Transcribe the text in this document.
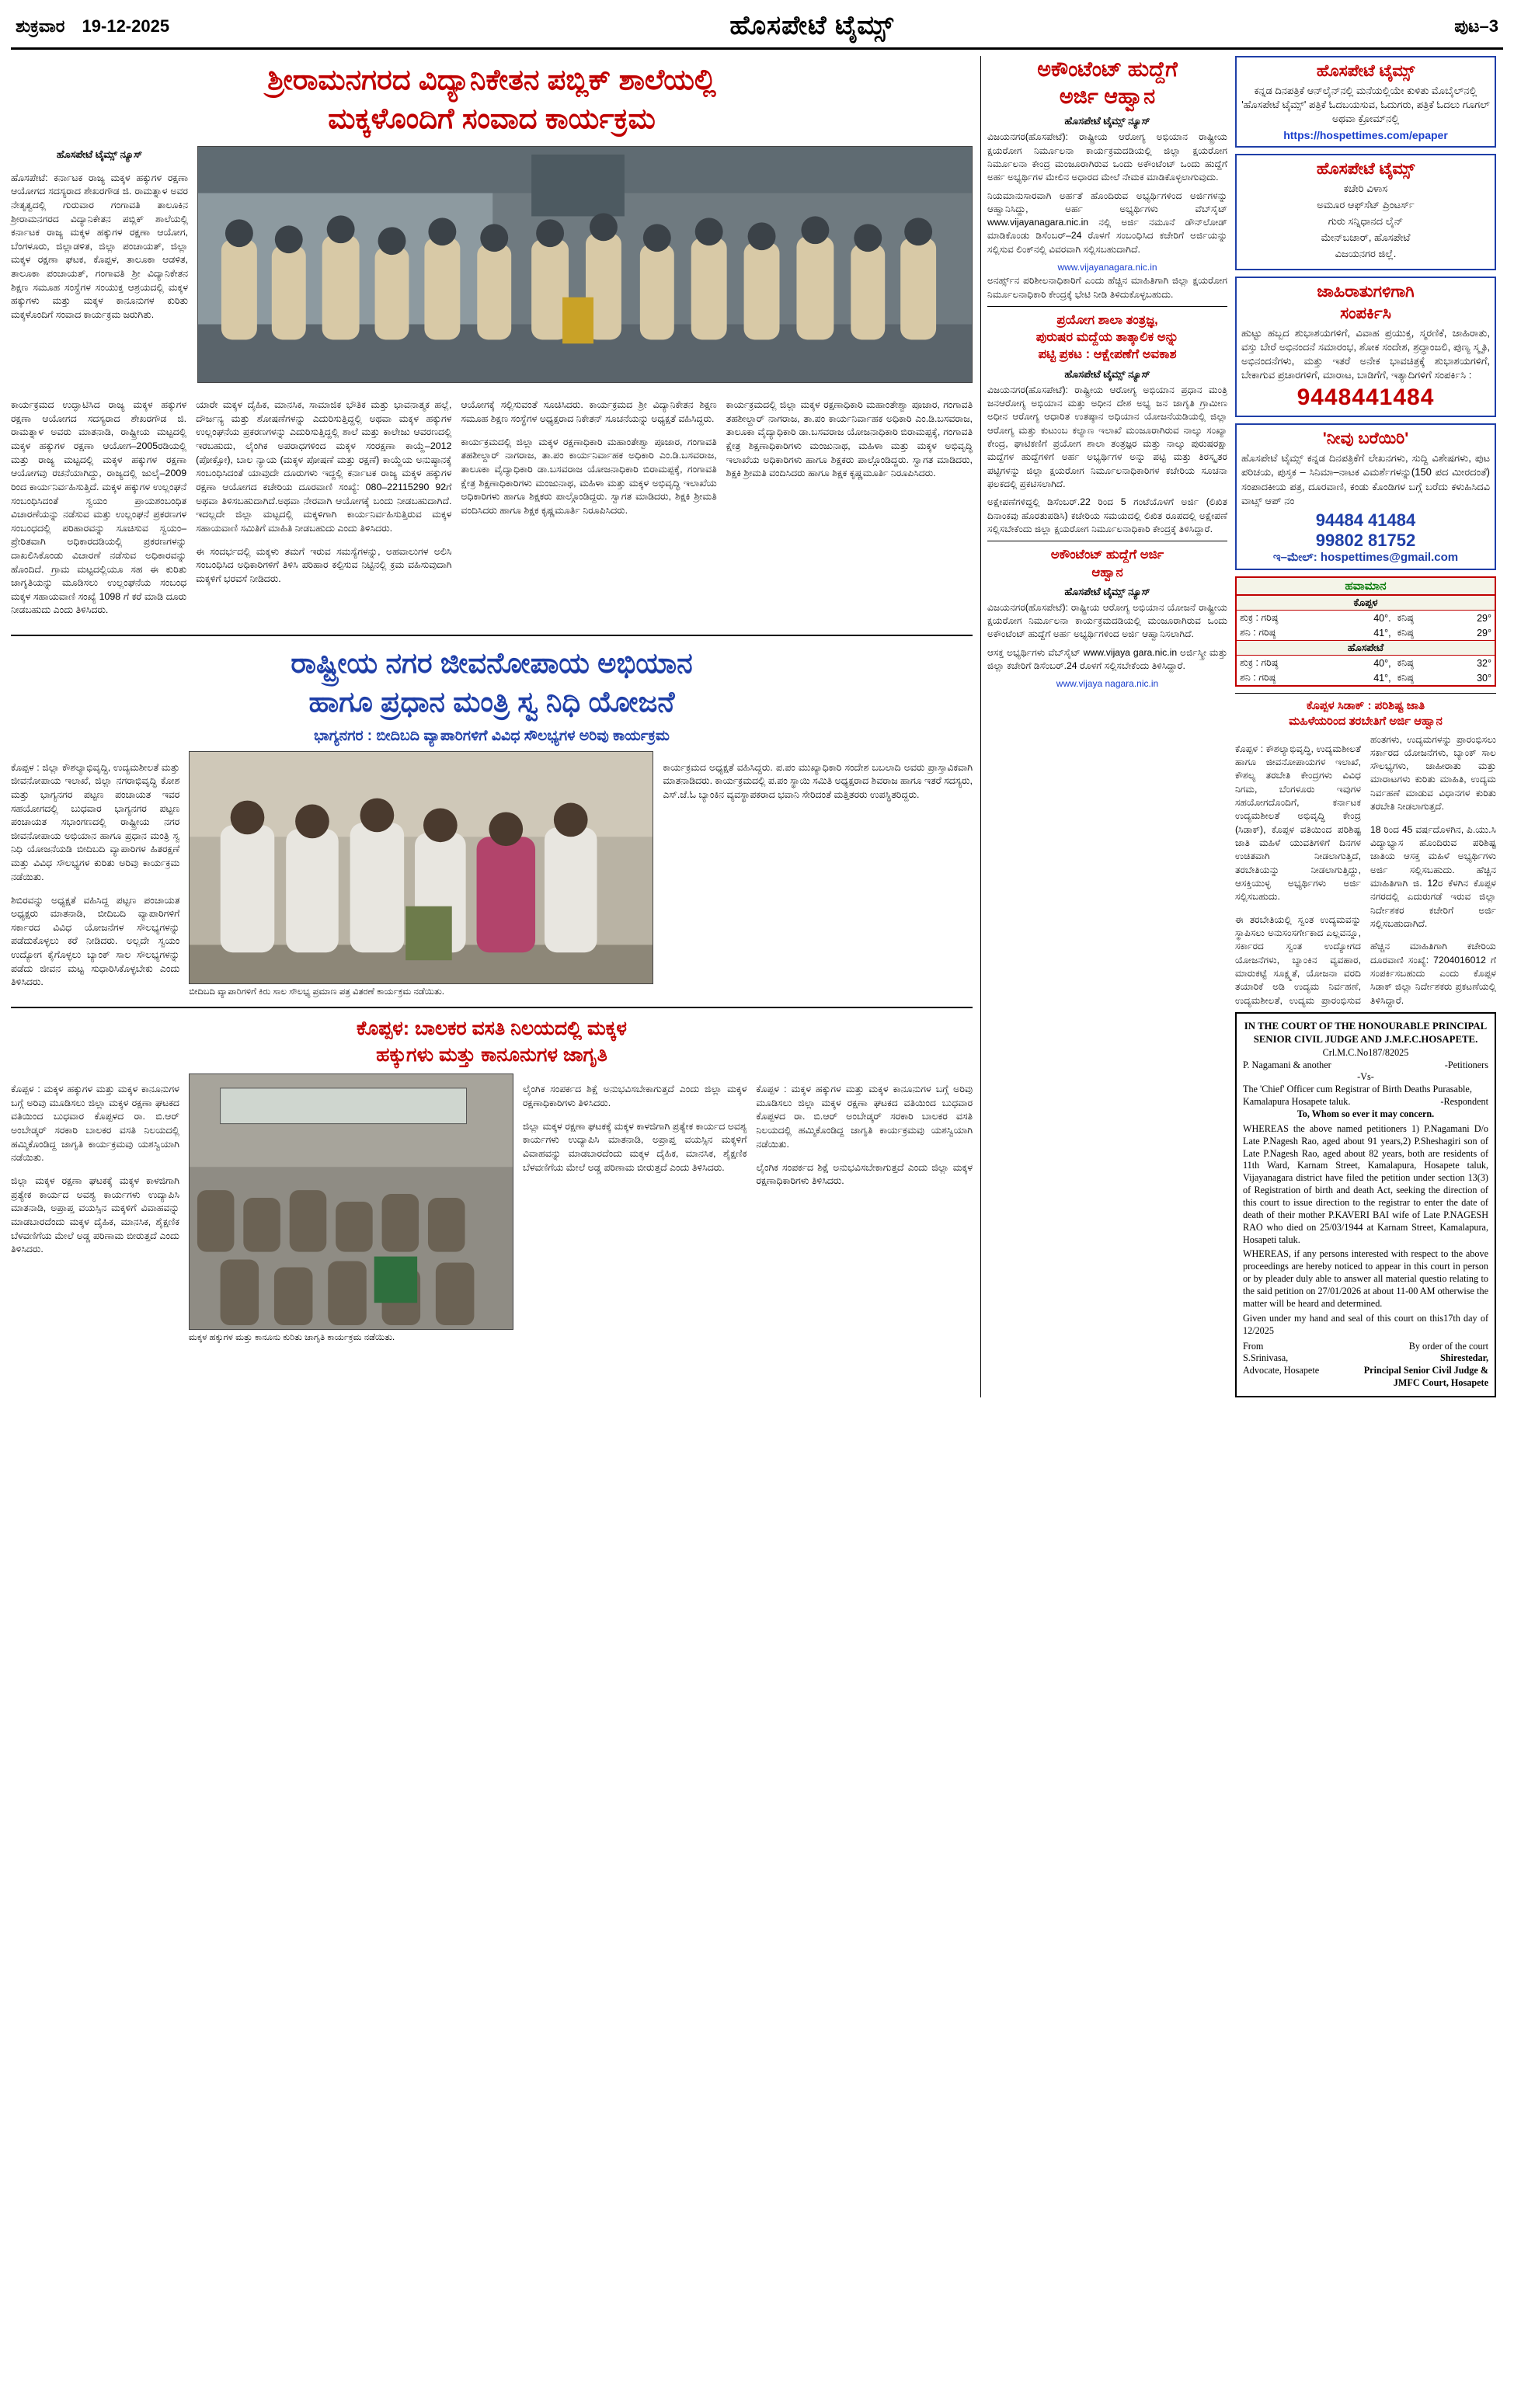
ಶುಕ್ರವಾರ 19-12-2025	ಹೊಸಪೇಟೆ ಟೈಮ್ಸ್	ಪುಟ–3
ಶ್ರೀರಾಮನಗರದ ವಿದ್ಯಾನಿಕೇತನ ಪಬ್ಲಿಕ್ ಶಾಲೆಯಲ್ಲಿ
ಮಕ್ಕಳೊಂದಿಗೆ ಸಂವಾದ ಕಾರ್ಯಕ್ರಮ
ಹೊಸಪೇಟೆ ಟೈಮ್ಸ್ ನ್ಯೂಸ್

ಹೊಸಪೇಟೆ: ಕರ್ನಾಟಕ ರಾಜ್ಯ ಮಕ್ಕಳ ಹಕ್ಕುಗಳ ರಕ್ಷಣಾ ಆಯೋಗದ ಸದಸ್ಯರಾದ ಶೇಖರಗೌಡ ಜಿ. ರಾಮತ್ನಾಳ ಅವರ ನೇತೃತ್ವದಲ್ಲಿ ಗುರುವಾರ ಗಂಗಾವತಿ ತಾಲೂಕಿನ ಶ್ರೀರಾಮನಗರದ ವಿದ್ಯಾನಿಕೇತನ ಪಬ್ಲಿಕ್ ಶಾಲೆಯಲ್ಲಿ ಕರ್ನಾಟಕ ರಾಜ್ಯ ಮಕ್ಕಳ ಹಕ್ಕುಗಳ ರಕ್ಷಣಾ ಆಯೋಗ, ಬೆಂಗಳೂರು, ಜಿಲ್ಲಾಡಳಿತ, ಜಿಲ್ಲಾ ಪಂಚಾಯತ್, ಜಿಲ್ಲಾ ಮಕ್ಕಳ ರಕ್ಷಣಾ ಘಟಕ, ಕೊಪ್ಪಳ, ತಾಲೂಕಾ ಆಡಳಿತ, ತಾಲೂಕಾ ಪಂಚಾಯತ್, ಗಂಗಾವತಿ ಶ್ರೀ ವಿದ್ಯಾನಿಕೇತನ ಶಿಕ್ಷಣ ಸಮೂಹ ಸಂಸ್ಥೆಗಳ ಸಂಯುಕ್ತ ಆಶ್ರಯದಲ್ಲಿ ಮಕ್ಕಳ ಹಕ್ಕುಗಳು ಮತ್ತು ಮಕ್ಕಳ ಕಾನೂನುಗಳ ಕುರಿತು ಮಕ್ಕಳೊಂದಿಗೆ ಸಂವಾದ ಕಾರ್ಯಕ್ರಮ ಜರುಗಿತು.

ಕಾರ್ಯಕ್ರಮದ ಉದ್ಘಾಟಿಸಿದ ರಾಜ್ಯ ಮಕ್ಕಳ ಹಕ್ಕುಗಳ ರಕ್ಷಣಾ ಆಯೋಗದ ಸದಸ್ಯರಾದ ಶೇಖರಗೌಡ ಜಿ. ರಾಮತ್ನಾಳ ಅವರು ಮಾತನಾಡಿ, ರಾಷ್ಟ್ರೀಯ ಮಟ್ಟದಲ್ಲಿ ಮಕ್ಕಳ ಹಕ್ಕುಗಳ ರಕ್ಷಣಾ ಆಯೋಗ–2005ರಡಿಯಲ್ಲಿ ಮತ್ತು ರಾಜ್ಯ ಮಟ್ಟದಲ್ಲಿ ಮಕ್ಕಳ ಹಕ್ಕುಗಳ ರಕ್ಷಣಾ ಆಯೋಗವು ರಚನೆಯಾಗಿದ್ದು, ರಾಜ್ಯದಲ್ಲಿ ಜುಲೈ–2009 ರಿಂದ ಕಾರ್ಯನಿರ್ವಹಿಸುತ್ತಿದೆ. ಮಕ್ಕಳ ಹಕ್ಕುಗಳ ಉಲ್ಲಂಘನೆ ಸಂಬಂಧಿಸಿದಂತೆ ಸ್ವಯಂ ಪ್ರಾಯಶಂಬಂಧಿತ ವಿಚಾರಣೆಯನ್ನು ನಡೆಸುವ ಮತ್ತು ಉಲ್ಲಂಘನೆ ಪ್ರಕರಣಗಳ ಸಂಬಂಧದಲ್ಲಿ ಪರಿಹಾರವನ್ನು ಸೂಚಿಸುವ ಸ್ವಯಂ–ಪ್ರೇರಿತವಾಗಿ ಅಧಿಕಾರದಡಿಯಲ್ಲಿ ಪ್ರಕರಣಗಳನ್ನು ದಾಖಲಿಸಿಕೊಂಡು ವಿಚಾರಣೆ ನಡೆಸುವ ಅಧಿಕಾರವನ್ನು ಹೊಂದಿದೆ. ಗ್ರಾಮ ಮಟ್ಟದಲ್ಲಿಯೂ ಸಹ ಈ ಕುರಿತು ಜಾಗೃತಿಯನ್ನು ಮೂಡಿಸಲು ಉಲ್ಲಂಘನೆಯ ಸಂಬಂಧ ಮಕ್ಕಳ ಸಹಾಯವಾಣಿ ಸಂಖ್ಯೆ 1098 ಗೆ ಕರೆ ಮಾಡಿ ದೂರು ನೀಡಬಹುದು ಎಂದು ತಿಳಿಸಿದರು.

ಯಾರೇ ಮಕ್ಕಳ ದೈಹಿಕ, ಮಾನಸಿಕ, ಸಾಮಾಜಿಕ ಭೌತಿಕ ಮತ್ತು ಭಾವನಾತ್ಮಕ ಹಲ್ಲೆ, ದೌರ್ಜನ್ಯ ಮತ್ತು ಶೋಷಣೆಗಳನ್ನು ಎದುರಿಸುತ್ತಿದ್ದಲ್ಲಿ ಅಥವಾ ಮಕ್ಕಳ ಹಕ್ಕುಗಳ ಉಲ್ಲಂಘನೆಯ ಪ್ರಕರಣಗಳನ್ನು ಎದುರಿಸುತ್ತಿದ್ದಲ್ಲಿ ಶಾಲೆ ಮತ್ತು ಕಾಲೇಜು ಆವರಣದಲ್ಲಿ ಇರಬಹುದು, ಲೈಂಗಿಕ ಅಪರಾಧಗಳಿಂದ ಮಕ್ಕಳ ಸಂರಕ್ಷಣಾ ಕಾಯ್ದೆ–2012 (ಪೋಕ್ಸೋ), ಬಾಲ ನ್ಯಾಯ (ಮಕ್ಕಳ ಪೋಷಣೆ ಮತ್ತು ರಕ್ಷಣೆ) ಕಾಯ್ದೆಯ ಅನುಷ್ಠಾನಕ್ಕೆ ಸಂಬಂಧಿಸಿದಂತೆ ಯಾವುದೇ ದೂರುಗಳು ಇದ್ದಲ್ಲಿ ಕರ್ನಾಟಕ ರಾಜ್ಯ ಮಕ್ಕಳ ಹಕ್ಕುಗಳ ರಕ್ಷಣಾ ಆಯೋಗದ ಕಚೇರಿಯ ದೂರವಾಣಿ ಸಂಖ್ಯೆ: 080–22115290 92ಗೆ ಅಥವಾ ತಿಳಿಸಬಹುದಾಗಿದೆ.ಅಥವಾ ನೇರವಾಗಿ ಆಯೋಗಕ್ಕೆ ಬಂದು ನೀಡಬಹುದಾಗಿದೆ. ಇದಲ್ಲದೇ ಜಿಲ್ಲಾ ಮಟ್ಟದಲ್ಲಿ ಮಕ್ಕಳಿಗಾಗಿ ಕಾರ್ಯನಿರ್ವಹಿಸುತ್ತಿರುವ ಮಕ್ಕಳ ಸಹಾಯವಾಣಿ ಸಮಿತಿಗೆ ಮಾಹಿತಿ ನೀಡಬಹುದು ಎಂದು ತಿಳಿಸಿದರು.

ಈ ಸಂದರ್ಭದಲ್ಲಿ ಮಕ್ಕಳು ತಮಗೆ ಇರುವ ಸಮಸ್ಯೆಗಳನ್ನು, ಅಹವಾಲುಗಳ ಅಲಿಸಿ ಸಂಬಂಧಿಸಿದ ಅಧಿಕಾರಿಗಳಿಗೆ ತಿಳಿಸಿ ಪರಿಹಾರ ಕಲ್ಪಿಸುವ ನಿಟ್ಟಿನಲ್ಲಿ ಕ್ರಮ ವಹಿಸುವುದಾಗಿ ಮಕ್ಕಳಿಗೆ ಭರವಸೆ ನೀಡಿದರು.

ಆಯೋಗಕ್ಕೆ ಸಲ್ಲಿಸುವಂತೆ ಸೂಚಿಸಿದರು. ಕಾರ್ಯಕ್ರಮದ ಶ್ರೀ ವಿದ್ಯಾನಿಕೇತನ ಶಿಕ್ಷಣ ಸಮೂಹ ಶಿಕ್ಷಣ ಸಂಸ್ಥೆಗಳ ಅಧ್ಯಕ್ಷರಾದ ನಿಕೇತನ್ ಸೂಚನೆಯನ್ನು ಅಧ್ಯಕ್ಷತೆ ವಹಿಸಿದ್ದರು.

ಕಾರ್ಯಕ್ರಮದಲ್ಲಿ ಜಿಲ್ಲಾ ಮಕ್ಕಳ ರಕ್ಷಣಾಧಿಕಾರಿ ಮಹಾಂತೇಶ್ವಾ ಪೂಜಾರ, ಗಂಗಾವತಿ ತಹಶೀಲ್ದಾರ್ ನಾಗರಾಜ, ತಾ.ಪಂ ಕಾರ್ಯನಿರ್ವಾಹಕ ಅಧಿಕಾರಿ ಎಂ.ಡಿ.ಬಸವರಾಜ, ತಾಲೂಕಾ ವೈದ್ಯಾಧಿಕಾರಿ ಡಾ.ಬಸವರಾಜ ಯೋಜನಾಧಿಕಾರಿ ಬಿರಾಮಪ್ಪಕ್ಕೆ, ಗಂಗಾವತಿ ಕ್ಷೇತ್ರ ಶಿಕ್ಷಣಾಧಿಕಾರಿಗಳು ಮಂಜುನಾಥ, ಮಹಿಳಾ ಮತ್ತು ಮಕ್ಕಳ ಅಭಿವೃದ್ಧಿ ಇಲಾಖೆಯ ಅಧಿಕಾರಿಗಳು ಹಾಗೂ ಶಿಕ್ಷಕರು ಪಾಲ್ಗೊಂಡಿದ್ದರು. ಸ್ವಾಗತ ಮಾಡಿದರು, ಶಿಕ್ಷಕಿ ಶ್ರೀಮತಿ ವಂದಿಸಿದರು ಹಾಗೂ ಶಿಕ್ಷಕ ಕೃಷ್ಣಮೂರ್ತಿ ನಿರೂಪಿಸಿದರು.

ಕಾರ್ಯಕ್ರಮದಲ್ಲಿ ಜಿಲ್ಲಾ ಮಕ್ಕಳ ರಕ್ಷಣಾಧಿಕಾರಿ ಮಹಾಂತೇಶ್ವಾ ಪೂಜಾರ, ಗಂಗಾವತಿ ತಹಶೀಲ್ದಾರ್ ನಾಗರಾಜ, ತಾ.ಪಂ ಕಾರ್ಯನಿರ್ವಾಹಕ ಅಧಿಕಾರಿ ಎಂ.ಡಿ.ಬಸವರಾಜ, ತಾಲೂಕಾ ವೈದ್ಯಾಧಿಕಾರಿ ಡಾ.ಬಸವರಾಜ ಯೋಜನಾಧಿಕಾರಿ ಬಿರಾಮಪ್ಪಕ್ಕೆ, ಗಂಗಾವತಿ ಕ್ಷೇತ್ರ ಶಿಕ್ಷಣಾಧಿಕಾರಿಗಳು ಮಂಜುನಾಥ, ಮಹಿಳಾ ಮತ್ತು ಮಕ್ಕಳ ಅಭಿವೃದ್ಧಿ ಇಲಾಖೆಯ ಅಧಿಕಾರಿಗಳು ಹಾಗೂ ಶಿಕ್ಷಕರು ಪಾಲ್ಗೊಂಡಿದ್ದರು. ಸ್ವಾಗತ ಮಾಡಿದರು, ಶಿಕ್ಷಕಿ ಶ್ರೀಮತಿ ವಂದಿಸಿದರು ಹಾಗೂ ಶಿಕ್ಷಕ ಕೃಷ್ಣಮೂರ್ತಿ ನಿರೂಪಿಸಿದರು.

ರಾಷ್ಟ್ರೀಯ ನಗರ ಜೀವನೋಪಾಯ ಅಭಿಯಾನ
ಹಾಗೂ ಪ್ರಧಾನ ಮಂತ್ರಿ ಸ್ವ ನಿಧಿ ಯೋಜನೆ
ಭಾಗ್ಯನಗರ : ಬೀದಿಬದಿ ವ್ಯಾಪಾರಿಗಳಿಗೆ ವಿವಿಧ ಸೌಲಭ್ಯಗಳ ಅರಿವು ಕಾರ್ಯಕ್ರಮ

ಕೊಪ್ಪಳ : ಜಿಲ್ಲಾ ಕೌಶಲ್ಯಾಭಿವೃದ್ಧಿ, ಉದ್ಯಮಶೀಲತೆ ಮತ್ತು ಜೀವನೋಪಾಯ ಇಲಾಖೆ, ಜಿಲ್ಲಾ ನಗರಾಭಿವೃದ್ಧಿ ಕೋಶ ಮತ್ತು ಭಾಗ್ಯನಗರ ಪಟ್ಟಣ ಪಂಚಾಯತ ಇವರ ಸಹಯೋಗದಲ್ಲಿ ಬುಧವಾರ ಭಾಗ್ಯನಗರ ಪಟ್ಟಣ ಪಂಚಾಯತ ಸಭಾಂಗಣದಲ್ಲಿ ರಾಷ್ಟ್ರೀಯ ನಗರ ಜೀವನೋಪಾಯ ಅಭಿಯಾನ ಹಾಗೂ ಪ್ರಧಾನ ಮಂತ್ರಿ ಸ್ವ ನಿಧಿ ಯೋಜನೆಯಡಿ ಬೀದಿಬದಿ ವ್ಯಾಪಾರಿಗಳ ಹಿತರಕ್ಷಣೆ ಮತ್ತು ವಿವಿಧ ಸೌಲಭ್ಯಗಳ ಕುರಿತು ಅರಿವು ಕಾರ್ಯಕ್ರಮ ನಡೆಯಿತು.

ಶಿಬಿರವನ್ನು ಅಧ್ಯಕ್ಷತೆ ವಹಿಸಿದ್ದ ಪಟ್ಟಣ ಪಂಚಾಯತ ಅಧ್ಯಕ್ಷರು ಮಾತನಾಡಿ, ಬೀದಿಬದಿ ವ್ಯಾಪಾರಿಗಳಿಗೆ ಸರ್ಕಾರದ ವಿವಿಧ ಯೋಜನೆಗಳ ಸೌಲಭ್ಯಗಳನ್ನು ಪಡೆದುಕೊಳ್ಳಲು ಕರೆ ನೀಡಿದರು. ಅಲ್ಲದೇ ಸ್ವಯಂ ಉದ್ಯೋಗ ಕೈಗೊಳ್ಳಲು ಬ್ಯಾಂಕ್ ಸಾಲ ಸೌಲಭ್ಯಗಳನ್ನು ಪಡೆದು ಜೀವನ ಮಟ್ಟ ಸುಧಾರಿಸಿಕೊಳ್ಳಬೇಕು ಎಂದು ತಿಳಿಸಿದರು.

ಬೀದಿಬದಿ ವ್ಯಾಪಾರಿಗಳಿಗೆ ಕಿರು ಸಾಲ ಸೌಲಭ್ಯ ಪ್ರಮಾಣ ಪತ್ರ ವಿತರಣೆ ಕಾರ್ಯಕ್ರಮ ನಡೆಯಿತು.

ಕಾರ್ಯಕ್ರಮದ ಅಧ್ಯಕ್ಷತೆ ವಹಿಸಿದ್ದರು. ಪ.ಪಂ ಮುಖ್ಯಾಧಿಕಾರಿ ಸಂದೇಶ ಬಬಲಾದಿ ಅವರು ಪ್ರಾಸ್ತಾವಿಕವಾಗಿ ಮಾತನಾಡಿದರು. ಕಾರ್ಯಕ್ರಮದಲ್ಲಿ ಪ.ಪಂ ಸ್ಥಾಯಿ ಸಮಿತಿ ಅಧ್ಯಕ್ಷರಾದ ಶಿವರಾಜ ಹಾಗೂ ಇತರೆ ಸದಸ್ಯರು, ಎಸ್.ಜೆ.ಓ ಬ್ಯಾಂಕಿನ ವ್ಯವಸ್ಥಾಪಕರಾದ ಭವಾನಿ ಸೇರಿದಂತೆ ಮತ್ತಿತರರು ಉಪಸ್ಥಿತರಿದ್ದರು.

ಕೊಪ್ಪಳ: ಬಾಲಕರ ವಸತಿ ನಿಲಯದಲ್ಲಿ ಮಕ್ಕಳ
ಹಕ್ಕುಗಳು ಮತ್ತು ಕಾನೂನುಗಳ ಜಾಗೃತಿ

ಕೊಪ್ಪಳ : ಮಕ್ಕಳ ಹಕ್ಕುಗಳ ಮತ್ತು ಮಕ್ಕಳ ಕಾನೂನುಗಳ ಬಗ್ಗೆ ಅರಿವು ಮೂಡಿಸಲು ಜಿಲ್ಲಾ ಮಕ್ಕಳ ರಕ್ಷಣಾ ಘಟಕದ ವತಿಯಿಂದ ಬುಧವಾರ ಕೊಪ್ಪಳದ ರಾ. ಬಿ.ಆರ್ ಅಂಬೇಡ್ಕರ್ ಸರಕಾರಿ ಬಾಲಕರ ವಸತಿ ನಿಲಯದಲ್ಲಿ ಹಮ್ಮಿಕೊಂಡಿದ್ದ ಜಾಗೃತಿ ಕಾರ್ಯಕ್ರಮವು ಯಶಸ್ವಿಯಾಗಿ ನಡೆಯಿತು.

ಜಿಲ್ಲಾ ಮಕ್ಕಳ ರಕ್ಷಣಾ ಘಟಕಕ್ಕೆ ಮಕ್ಕಳ ಕಾಳಜಿಗಾಗಿ ಪ್ರತ್ಯೇಕ ಕಾರ್ಯದ ಅವಶ್ಯ ಕಾರ್ಯಗಳು ಉದ್ಯಾಪಿಸಿ ಮಾತನಾಡಿ, ಅಪ್ರಾಪ್ತ ವಯಸ್ಸಿನ ಮಕ್ಕಳಿಗೆ ವಿವಾಹವನ್ನು ಮಾಡಬಾರದೆಂದು ಮಕ್ಕಳ ದೈಹಿಕ, ಮಾನಸಿಕ, ಶೈಕ್ಷಣಿಕ ಬೆಳವಣಿಗೆಯ ಮೇಲೆ ಅಡ್ಡ ಪರಿಣಾಮ ಬೀರುತ್ತದೆ ಎಂದು ತಿಳಿಸಿದರು.

ಮಕ್ಕಳ ಹಕ್ಕುಗಳ ಮತ್ತು ಕಾನೂನು ಕುರಿತು ಜಾಗೃತಿ ಕಾರ್ಯಕ್ರಮ ನಡೆಯಿತು.

ಲೈಂಗಿಕ ಸಂಪರ್ಕದ ಶಿಕ್ಷೆ ಅನುಭವಿಸಬೇಕಾಗುತ್ತದೆ ಎಂದು ಜಿಲ್ಲಾ ಮಕ್ಕಳ ರಕ್ಷಣಾಧಿಕಾರಿಗಳು ತಿಳಿಸಿದರು.

ಜಿಲ್ಲಾ ಮಕ್ಕಳ ರಕ್ಷಣಾ ಘಟಕಕ್ಕೆ ಮಕ್ಕಳ ಕಾಳಜಿಗಾಗಿ ಪ್ರತ್ಯೇಕ ಕಾರ್ಯದ ಅವಶ್ಯ ಕಾರ್ಯಗಳು ಉದ್ಯಾಪಿಸಿ ಮಾತನಾಡಿ, ಅಪ್ರಾಪ್ತ ವಯಸ್ಸಿನ ಮಕ್ಕಳಿಗೆ ವಿವಾಹವನ್ನು ಮಾಡಬಾರದೆಂದು ಮಕ್ಕಳ ದೈಹಿಕ, ಮಾನಸಿಕ, ಶೈಕ್ಷಣಿಕ ಬೆಳವಣಿಗೆಯ ಮೇಲೆ ಅಡ್ಡ ಪರಿಣಾಮ ಬೀರುತ್ತದೆ ಎಂದು ತಿಳಿಸಿದರು.

ಕೊಪ್ಪಳ : ಮಕ್ಕಳ ಹಕ್ಕುಗಳ ಮತ್ತು ಮಕ್ಕಳ ಕಾನೂನುಗಳ ಬಗ್ಗೆ ಅರಿವು ಮೂಡಿಸಲು ಜಿಲ್ಲಾ ಮಕ್ಕಳ ರಕ್ಷಣಾ ಘಟಕದ ವತಿಯಿಂದ ಬುಧವಾರ ಕೊಪ್ಪಳದ ರಾ. ಬಿ.ಆರ್ ಅಂಬೇಡ್ಕರ್ ಸರಕಾರಿ ಬಾಲಕರ ವಸತಿ ನಿಲಯದಲ್ಲಿ ಹಮ್ಮಿಕೊಂಡಿದ್ದ ಜಾಗೃತಿ ಕಾರ್ಯಕ್ರಮವು ಯಶಸ್ವಿಯಾಗಿ ನಡೆಯಿತು.

ಲೈಂಗಿಕ ಸಂಪರ್ಕದ ಶಿಕ್ಷೆ ಅನುಭವಿಸಬೇಕಾಗುತ್ತದೆ ಎಂದು ಜಿಲ್ಲಾ ಮಕ್ಕಳ ರಕ್ಷಣಾಧಿಕಾರಿಗಳು ತಿಳಿಸಿದರು.

ಅಕೌಂಟೆಂಟ್ ಹುದ್ದೆಗೆ
ಅರ್ಜಿ ಆಹ್ವಾನ
ಹೊಸಪೇಟೆ ಟೈಮ್ಸ್ ನ್ಯೂಸ್

ವಿಜಯನಗರ(ಹೊಸಪೇಟೆ): ರಾಷ್ಟ್ರೀಯ ಆರೋಗ್ಯ ಅಭಿಯಾನ ರಾಷ್ಟ್ರೀಯ ಕ್ಷಯರೋಗ ನಿರ್ಮೂಲನಾ ಕಾರ್ಯಕ್ರಮದಡಿಯಲ್ಲಿ ಜಿಲ್ಲಾ ಕ್ಷಯರೋಗ ನಿರ್ಮೂಲನಾ ಕೇಂದ್ರ ಮಂಜೂರಾಗಿರುವ ಒಂದು ಅಕೌಂಟೆಂಟ್ ಒಂದು ಹುದ್ದೆಗೆ ಅರ್ಹ ಅಭ್ಯರ್ಥಿಗಳ ಮೇಲಿನ ಅಧಾರದ ಮೇಲೆ ನೇಮಕ ಮಾಡಿಕೊಳ್ಳಲಾಗುವುದು.

ನಿಯಮಾನುಸಾರವಾಗಿ ಅರ್ಹತೆ ಹೊಂದಿರುವ ಅಭ್ಯರ್ಥಿಗಳಿಂದ ಅರ್ಜಿಗಳನ್ನು ಆಹ್ವಾನಿಸಿದ್ದು, ಅರ್ಹ ಅಭ್ಯರ್ಥಿಗಳು ವೆಬ್‌ಸೈಟ್ www.vijayanagara.nic.in ನಲ್ಲಿ ಅರ್ಜಿ ನಮೂನೆ ಡೌನ್‌ಲೋಡ್ ಮಾಡಿಕೊಂಡು ಡಿಸೆಂಬರ್–24 ರೊಳಗೆ ಸಂಬಂಧಿಸಿದ ಕಚೇರಿಗೆ ಅರ್ಜಿಯನ್ನು ಸಲ್ಲಿಸುವ ಲಿಂಕ್‌ನಲ್ಲಿ ವಿವರವಾಗಿ ಸಲ್ಲಿಸಬಹುದಾಗಿದೆ.

www.vijayanagara.nic.in

ಅನರ್ಹ್ಸ್‌ನ ಪರಿಶೀಲನಾಧಿಕಾರಿಗೆ ಎಂದು ಹೆಚ್ಚಿನ ಮಾಹಿತಿಗಾಗಿ ಜಿಲ್ಲಾ ಕ್ಷಯರೋಗ ನಿರ್ಮೂಲನಾಧಿಕಾರಿ ಕೇಂದ್ರಕ್ಕೆ ಭೇಟಿ ನೀಡಿ ತಿಳಿದುಕೊಳ್ಳಬಹುದು.

ಪ್ರಯೋಗ ಶಾಲಾ ತಂತ್ರಜ್ಞ,
ಪುರುಷರ ಮದ್ದೆಯ ತಾತ್ಕಾಲಿಕ ಅನ್ನು
ಪಟ್ಟಿ ಪ್ರಕಟ : ಆಕ್ಷೇಪಣೆಗೆ ಅವಕಾಶ
ಹೊಸಪೇಟೆ ಟೈಮ್ಸ್ ನ್ಯೂಸ್

ವಿಜಯನಗರ(ಹೊಸಪೇಟೆ): ರಾಷ್ಟ್ರೀಯ ಆರೋಗ್ಯ ಅಭಿಯಾನ ಪ್ರಧಾನ ಮಂತ್ರಿ ಜನಆರೋಗ್ಯ ಅಭಿಯಾನ ಮತ್ತು ಅಧೀನ ದೇಶ ಅಭ್ಯ ಜನ ಜಾಗೃತಿ ಗ್ರಾಮೀಣ ಅಧೀನ ಆರೋಗ್ಯ ಆಧಾರಿತ ಉತಷ್ಠಾನ ಅಧಿಯಾನ ಯೋಜನೆಯಡಿಯಲ್ಲಿ ಜಿಲ್ಲಾ ಆರೋಗ್ಯ ಮತ್ತು ಕುಟುಂಬ ಕಲ್ಯಾಣ ಇಲಾಖೆ ಮಂಜೂರಾಗಿರುವ ನಾಲ್ಕು ಸಂಖ್ಯಾ ಕೇಂದ್ರ, ಘಾಟಿಕಣಿಗೆ ಪ್ರಯೋಗ ಶಾಲಾ ತಂತ್ರಜ್ಞರ ಮತ್ತು ನಾಲ್ಕು ಪುರುಷರಕ್ಷಾ ಮದ್ದೆಗಳ ಹುದ್ದೆಗಳಿಗೆ ಅರ್ಹ ಅಭ್ಯರ್ಥಿಗಳ ಅನ್ನು ಪಟ್ಟಿ ಮತ್ತು ತಿರಸ್ಕೃತರ ಪಟ್ಟಿಗಳನ್ನು ಜಿಲ್ಲಾ ಕ್ಷಯರೋಗ ನಿರ್ಮೂಲನಾಧಿಕಾರಿಗಳ ಕಚೇರಿಯ ಸೂಚನಾ ಫಲಕದಲ್ಲಿ ಪ್ರಕಟಿಸಲಾಗಿದೆ.

ಅಕ್ಷೇಪಣೆಗಳಿದ್ದಲ್ಲಿ ಡಿಸೆಂಬರ್.22 ರಿಂದ 5 ಗಂಟೆಯೊಳಗೆ ಅರ್ಜಿ (ಲಿಖಿತ ದಿನಾಂಕವು ಹೊರತುಪಡಿಸಿ) ಕಚೇರಿಯ ಸಮಯದಲ್ಲಿ ಲಿಖಿತ ರೂಪದಲ್ಲಿ ಅಕ್ಷೇಪಣೆ ಸಲ್ಲಿಸಬೇಕೆಂದು ಜಿಲ್ಲಾ ಕ್ಷಯರೋಗ ನಿರ್ಮೂಲನಾಧಿಕಾರಿ ಕೇಂದ್ರಕ್ಕೆ ತಿಳಿಸಿದ್ದಾರೆ.

ಅಕೌಂಟೆಂಟ್ ಹುದ್ದೆಗೆ ಅರ್ಜಿ
ಆಹ್ವಾನ
ಹೊಸಪೇಟೆ ಟೈಮ್ಸ್ ನ್ಯೂಸ್

ವಿಜಯನಗರ(ಹೊಸಪೇಟೆ): ರಾಷ್ಟ್ರೀಯ ಆರೋಗ್ಯ ಅಭಿಯಾನ ಯೋಜನೆ ರಾಷ್ಟ್ರೀಯ ಕ್ಷಯರೋಗ ನಿರ್ಮೂಲನಾ ಕಾರ್ಯಕ್ರಮದಡಿಯಲ್ಲಿ ಮಂಜೂರಾಗಿರುವ ಒಂದು ಅಕೌಂಟೆಂಟ್ ಹುದ್ದೆಗೆ ಅರ್ಹ ಅಭ್ಯರ್ಥಿಗಳಿಂದ ಅರ್ಜಿ ಆಹ್ವಾನಿಸಲಾಗಿದೆ.

ಆಸಕ್ತ ಅಭ್ಯರ್ಥಿಗಳು ವೆಬ್‌ಸೈಟ್ www.vijaya gara.nic.in ಅರ್ಜಿಸ್ಕ್ರೀ ಮತ್ತು ಜಿಲ್ಲಾ ಕಚೇರಿಗೆ ಡಿಸೆಂಬರ್.24 ರೊಳಗೆ ಸಲ್ಲಿಸಬೇಕೆಂದು ತಿಳಿಸಿದ್ದಾರೆ.

www.vijaya nagara.nic.in
ಹೊಸಪೇಟೆ ಟೈಮ್ಸ್

ಕನ್ನಡ ದಿನಪತ್ರಿಕೆ ಆನ್‌ಲೈನ್‌ನಲ್ಲಿ ಮನೆಯಲ್ಲಿಯೇ ಕುಳಿತು ಮೊಬೈಲ್‌ನಲ್ಲಿ 'ಹೊಸಪೇಟೆ ಟೈಮ್ಸ್' ಪತ್ರಿಕೆ ಓದಬಯಸುವ, ಓದುಗರು, ಪತ್ರಿಕೆ ಓದಲು ಗೂಗಲ್ ಅಥವಾ ಕ್ರೋಮ್‌ನಲ್ಲಿ

https://hospettimes.com/epaper
ಹೊಸಪೇಟೆ ಟೈಮ್ಸ್

ಕಚೇರಿ ವಿಳಾಸ

ಅಮೂರ ಆಫ್‌ಸೆಟ್ ಪ್ರಿಂಟರ್ಸ್

ಗುರು ಸನ್ನಿಧಾನದ ಲೈನ್

ಮೇನ್‌ಬಜಾರ್, ಹೊಸಪೇಟೆ

ವಿಜಯನಗರ ಜಿಲ್ಲೆ.

ಜಾಹಿರಾತುಗಳಿಗಾಗಿ
ಸಂಪರ್ಕಿಸಿ

ಹುಟ್ಟು ಹಬ್ಬದ ಶುಭಾಶಯಗಳಿಗೆ, ವಿವಾಹ ಪ್ರಯುಕ್ತ, ಸ್ಮರಣಿಕೆ, ಜಾಹಿರಾತು, ವಸ್ತು ಬೇರೆ ಅಭಿನಂದನೆ ಸಮಾರಂಭ, ಶೋಕ ಸಂದೇಶ, ಶ್ರದ್ಧಾಂಜಲಿ, ಪುಣ್ಯ ಸ್ಮೃತಿ, ಅಭಿನಂದನೆಗಳು, ಮತ್ತು ಇತರೆ ಅನೇಕ ಭಾವಚಿತ್ರಕ್ಕೆ ಶುಭಾಶಯಗಳಿಗೆ, ಬೇಕಾಗುವ ಪ್ರಚಾರಗಳಿಗೆ, ಮಾರಾಟ, ಬಾಡಿಗೆಗೆ, ಇತ್ಯಾದಿಗಳಿಗೆ ಸಂಪರ್ಕಿಸಿ :

9448441484
'ನೀವು ಬರೆಯಿರಿ'

ಹೊಸಪೇಟೆ ಟೈಮ್ಸ್ ಕನ್ನಡ ದಿನಪತ್ರಿಕೆಗೆ ಲೇಖನಗಳು, ಸುದ್ದಿ ವಿಶೇಷಗಳು, ಪುಟ ಪರಿಚಯ, ಪುಸ್ತಕ – ಸಿನಿಮಾ–ನಾಟಕ ವಿಮರ್ಶೆಗಳನ್ನು(150 ಪದ ಮೀರದಂತೆ) ಸಂಪಾದಕೀಯ ಪತ್ರ, ದೂರವಾಣಿ, ಕಂಡು ಕೊಂಡಿಗಳ ಬಗ್ಗೆ ಬರೆದು ಕಳುಹಿಸಿದವಿ ವಾಟ್ಸ್ ಆಪ್ ನಂ

94484 41484
99802 81752
ಇ–ಮೇಲ್: hospettimes@gmail.com
ಹವಾಮಾನ
ಕೊಪ್ಪಳ
ಶುಕ್ರ : ಗರಿಷ್ಠ	40°.	ಕನಿಷ್ಠ	29°
ಶನಿ : ಗರಿಷ್ಠ	41°,	ಕನಿಷ್ಠ	29°
ಹೊಸಪೇಟೆ
ಶುಕ್ರ : ಗರಿಷ್ಠ	40°,	ಕನಿಷ್ಠ	32°
ಶನಿ : ಗರಿಷ್ಠ	41°,	ಕನಿಷ್ಠ	30°
ಕೊಪ್ಪಳ ಸಿಡಾಕ್ : ಪರಿಶಿಷ್ಟ ಜಾತಿ
ಮಹಿಳೆಯರಿಂದ ತರಬೇತಿಗೆ ಅರ್ಜಿ ಆಹ್ವಾನ

ಕೊಪ್ಪಳ : ಕೌಶಲ್ಯಾಭಿವೃದ್ಧಿ, ಉದ್ಯಮಶೀಲತೆ ಹಾಗೂ ಜೀವನೋಪಾಯಗಳ ಇಲಾಖೆ, ಕೌಶಲ್ಯ ತರಬೇತಿ ಕೇಂದ್ರಗಳು ವಿವಿಧ ನಿಗಮ, ಬೆಂಗಳೂರು ಇವುಗಳ ಸಹಯೋಗದೊಂದಿಗೆ, ಕರ್ನಾಟಕ ಉದ್ಯಮಶೀಲತೆ ಅಭಿವೃದ್ಧಿ ಕೇಂದ್ರ (ಸಿಡಾಕ್), ಕೊಪ್ಪಳ ವತಿಯಿಂದ ಪರಿಶಿಷ್ಟ ಜಾತಿ ಮಹಿಳೆ ಯುವತಿಗಳಿಗೆ ದಿನಗಳ ಉಚಿತವಾಗಿ ನೀಡಲಾಗುತ್ತಿದೆ, ತರಬೇತಿಯನ್ನು ನೀಡಲಾಗುತ್ತಿದ್ದು, ಆಸಕ್ತಿಯುಳ್ಳ ಅಭ್ಯರ್ಥಿಗಳು ಅರ್ಜಿ ಸಲ್ಲಿಸಬಹುದು.

ಈ ತರಬೇತಿಯಲ್ಲಿ ಸ್ವಂತ ಉದ್ಯಮವನ್ನು ಸ್ಥಾಪಿಸಲು ಅನುಸಂಸರ್ಗೇಕಾದ ಎಲ್ಲವನ್ನೂ, ಸರ್ಕಾರದ ಸ್ವಂತ ಉದ್ಯೋಗದ ಯೋಜನೆಗಳು, ಬ್ಯಾಂಕಿನ ವ್ಯವಹಾರ, ಮಾರುಕಟ್ಟೆ ಸೂಕ್ಷ್ಮತೆ, ಯೋಜನಾ ವರದಿ ತಯಾರಿಕೆ ಅಡಿ ಉದ್ಯಮ ನಿರ್ವಹಣೆ, ಉದ್ಯಮಶೀಲತೆ, ಉದ್ಯಮ ಪ್ರಾರಂಭಿಸುವ ಹಂತಗಳು, ಉದ್ಯಮಗಳನ್ನು ಪ್ರಾರಂಭಿಸಲು ಸರ್ಕಾರದ ಯೋಜನೆಗಳು, ಬ್ಯಾಂಕ್ ಸಾಲ ಸೌಲಭ್ಯಗಳು, ಜಾಹೀರಾತು ಮತ್ತು ಮಾರಾಟಗಳು ಕುರಿತು ಮಾಹಿತಿ, ಉದ್ಯಮ ನಿರ್ವಹಣೆ ಮಾಡುವ ವಿಧಾನಗಳ ಕುರಿತು ತರಬೇತಿ ನೀಡಲಾಗುತ್ತದೆ.

18 ರಿಂದ 45 ವರ್ಷದೊಳಗಿನ, ಪಿ.ಯು.ಸಿ ವಿದ್ಯಾಭ್ಯಾಸ ಹೊಂದಿರುವ ಪರಿಶಿಷ್ಟ ಜಾತಿಯ ಆಸಕ್ತ ಮಹಿಳೆ ಅಭ್ಯರ್ಥಿಗಳು ಅರ್ಜಿ ಸಲ್ಲಿಸಬಹುದು. ಹೆಚ್ಚಿನ ಮಾಹಿತಿಗಾಗಿ ಜಿ. 12ರ ಕೆಳಗಿನ ಕೊಪ್ಪಳ ನಗರದಲ್ಲಿ ಎದುರುಗಡೆ ಇರುವ ಜಿಲ್ಲಾ ನಿರ್ದೇಶಕರ ಕಚೇರಿಗೆ ಅರ್ಜಿ ಸಲ್ಲಿಸಬಹುದಾಗಿದೆ.

ಹೆಚ್ಚಿನ ಮಾಹಿತಿಗಾಗಿ ಕಚೇರಿಯ ದೂರವಾಣಿ ಸಂಖ್ಯೆ: 7204016012 ಗೆ ಸಂಪರ್ಕಿಸಬಹುದು ಎಂದು ಕೊಪ್ಪಳ ಸಿಡಾಕ್ ಜಿಲ್ಲಾ ನಿರ್ದೇಶಕರು ಪ್ರಕಟಣೆಯಲ್ಲಿ ತಿಳಿಸಿದ್ದಾರೆ.

IN THE COURT OF THE HONOURABLE PRINCIPAL
SENIOR CIVIL JUDGE AND J.M.F.C.HOSAPETE.
Crl.M.C.No187/82025
P. Nagamani & another	-Petitioners
-Vs-
The 'Chief' Officer cum Registrar of Birth Deaths Purasable,
Kamalapura Hosapete taluk.	-Respondent
To, Whom so ever it may concern.

WHEREAS the above named petitioners 1) P.Nagamani D/o Late P.Nagesh Rao, aged about 91 years,2) P.Sheshagiri son of Late P.Nagesh Rao, aged about 82 years, both are residents of 11th Ward, Karnam Street, Kamalapura, Hosapete taluk, Vijayanagara district have filed the petition under section 13(3) of Registration of birth and death Act, seeking the direction of this court to issue direction to the registrar to enter the date of death of their mother P.KAVERI BAI wife of Late P.NAGESH RAO who died on 25/03/1944 at Karnam Street, Kamalapura, Hosapeti taluk.

WHEREAS, if any persons interested with respect to the above proceedings are hereby noticed to appear in this court in person or by pleader duly able to answer all material questio relating to the said petition on 27/01/2026 at about 11-00 AM otherwise the matter will be heard and determined.

Given under my hand and seal of this court on this17th day of 12/2025

From
S.Srinivasa,
Advocate, Hosapete
By order of the court
Shirestedar,
Principal Senior Civil Judge &
JMFC Court, Hosapete
